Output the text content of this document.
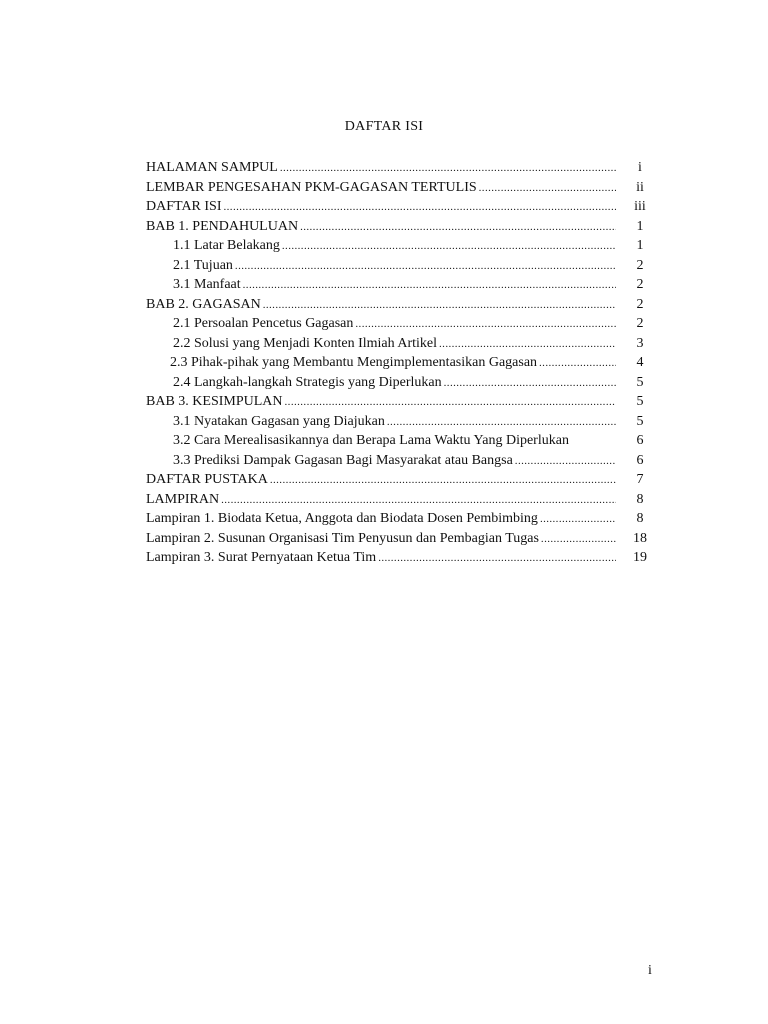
DAFTAR ISI
HALAMAN SAMPUL .....	i
LEMBAR PENGESAHAN PKM-GAGASAN TERTULIS .....	ii
DAFTAR ISI .....	iii
BAB 1. PENDAHULUAN .....	1
1.1 Latar Belakang .....	1
2.1 Tujuan .....	2
3.1 Manfaat .....	2
BAB 2. GAGASAN .....	2
2.1 Persoalan Pencetus Gagasan .....	2
2.2 Solusi yang Menjadi Konten Ilmiah Artikel .....	3
2.3 Pihak-pihak yang Membantu Mengimplementasikan Gagasan .....	4
2.4 Langkah-langkah Strategis yang Diperlukan .....	5
BAB 3. KESIMPULAN .....	5
3.1 Nyatakan Gagasan yang Diajukan .....	5
3.2 Cara Merealisasikannya dan Berapa Lama Waktu Yang Diperlukan	6
3.3 Prediksi Dampak Gagasan Bagi Masyarakat atau Bangsa .....	6
DAFTAR PUSTAKA .....	7
LAMPIRAN .....	8
Lampiran 1. Biodata Ketua, Anggota dan Biodata Dosen Pembimbing .....	8
Lampiran 2. Susunan Organisasi Tim Penyusun dan Pembagian Tugas .....	18
Lampiran 3. Surat Pernyataan Ketua Tim .....	19
i
